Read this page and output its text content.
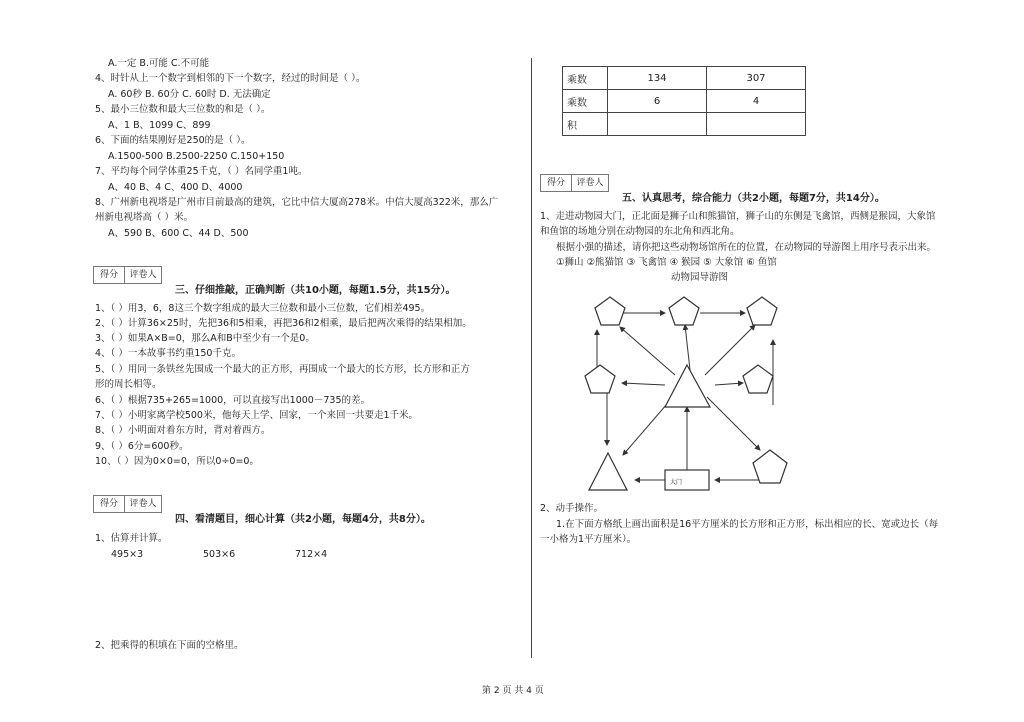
A.一定 B.可能 C.不可能
4、时针从上一个数字到相邻的下一个数字，经过的时间是（ ）。
A. 60秒 B. 60分 C. 60时 D. 无法确定
5、最小三位数和最大三位数的和是（ ）。
A、1 B、1099 C、899
6、下面的结果刚好是250的是（ ）。
A.1500-500 B.2500-2250 C.150+150
7、平均每个同学体重25千克，（ ）名同学重1吨。
A、40 B、4 C、400 D、4000
8、广州新电视塔是广州市目前最高的建筑，它比中信大厦高278米。中信大厦高322米，那么广
州新电视塔高（ ）米。
A、590 B、600 C、44 D、500
得分	评卷人
三、仔细推敲，正确判断（共10小题，每题1.5分，共15分）。
1、（ ）用3，6，8这三个数字组成的最大三位数和最小三位数，它们相差495。
2、（ ）计算36×25时，先把36和5相乘，再把36和2相乘，最后把两次乘得的结果相加。
3、（ ）如果A×B=0，那么A和B中至少有一个是0。
4、（ ）一本故事书约重150千克。
5、（ ）用同一条铁丝先围成一个最大的正方形，再围成一个最大的长方形，长方形和正方
形的周长相等。
6、（ ）根据735+265=1000，可以直接写出1000－735的差。
7、（ ）小明家离学校500米，他每天上学、回家，一个来回一共要走1千米。
8、（ ）小明面对着东方时，背对着西方。
9、（ ）6分=600秒。
10、（ ）因为0×0=0，所以0÷0=0。
得分	评卷人
四、看清题目，细心计算（共2小题，每题4分，共8分）。
1、估算并计算。
495×3	503×6	712×4
2、把乘得的积填在下面的空格里。
乘数	134	307
乘数	6	4
积		
得分	评卷人
五、认真思考，综合能力（共2小题，每题7分，共14分）。
1、走进动物园大门，正北面是狮子山和熊猫馆，狮子山的东侧是飞禽馆，西侧是猴园，大象馆
和鱼馆的场地分别在动物园的东北角和西北角。
根据小强的描述，请你把这些动物场馆所在的位置，在动物园的导游图上用序号表示出来。
①狮山 ②熊猫馆 ③ 飞禽馆 ④ 猴园 ⑤ 大象馆 ⑥ 鱼馆
动物园导游图
大门
2、动手操作。
1.在下面方格纸上画出面积是16平方厘米的长方形和正方形，标出相应的长、宽或边长（每
一小格为1平方厘米）。
第 2 页 共 4 页
